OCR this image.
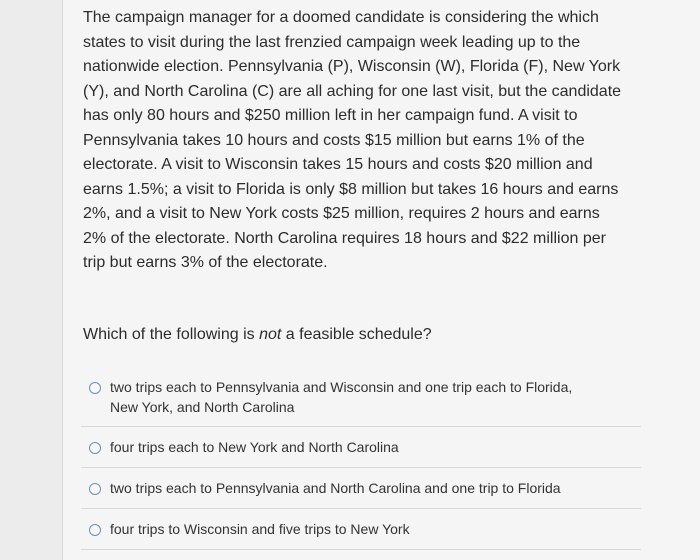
The campaign manager for a doomed candidate is considering the which states to visit during the last frenzied campaign week leading up to the nationwide election. Pennsylvania (P), Wisconsin (W), Florida (F), New York (Y), and North Carolina (C) are all aching for one last visit, but the candidate has only 80 hours and $250 million left in her campaign fund. A visit to Pennsylvania takes 10 hours and costs $15 million but earns 1% of the electorate. A visit to Wisconsin takes 15 hours and costs $20 million and earns 1.5%; a visit to Florida is only $8 million but takes 16 hours and earns 2%, and a visit to New York costs $25 million, requires 2 hours and earns 2% of the electorate. North Carolina requires 18 hours and $22 million per trip but earns 3% of the electorate.

Which of the following is not a feasible schedule?

two trips each to Pennsylvania and Wisconsin and one trip each to Florida, New York, and North Carolina
four trips each to New York and North Carolina
two trips each to Pennsylvania and North Carolina and one trip to Florida
four trips to Wisconsin and five trips to New York
